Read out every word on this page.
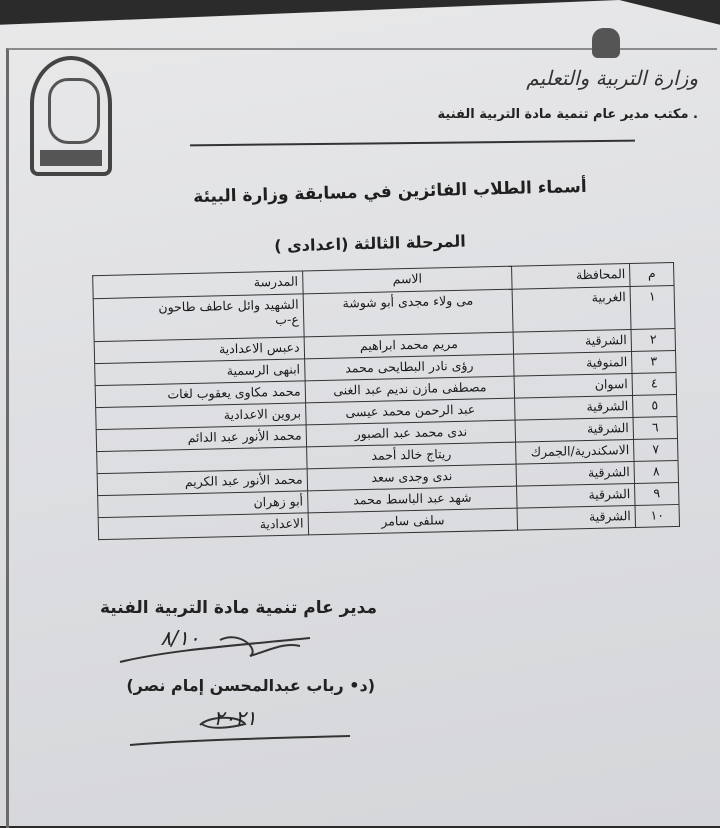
وزارة التربية والتعليم
مكتب مدير عام تنمية مادة التربية الفنية .
أسماء الطلاب الفائزين في مسابقة وزارة البيئة
المرحلة الثالثة (اعدادى )
م	المحافظة	الاسم	المدرسة
١	الغربية	مى ولاء مجدى أبو شوشة	الشهيد وائل عاطف طاحون
ع-ب

٢	الشرقية	مريم محمد ابراهيم	دعبس الاعدادية
٣	المنوفية	رؤى نادر البطايحى محمد	ابنهى الرسمية
٤	اسوان	مصطفى مازن نديم عبد الغنى	محمد مكاوى يعقوب لغات
٥	الشرقية	عبد الرحمن محمد عيسى	بروين الاعدادية
٦	الشرقية	ندى محمد عبد الصبور	محمد الأنور عبد الدائم
٧	الاسكندرية/الجمرك	ريتاج خالد أحمد	
٨	الشرقية	ندى وجدى سعد	محمد الأنور عبد الكريم
٩	الشرقية	شهد عبد الباسط محمد	أبو زهران
١٠	الشرقية	سلفى سامر	الاعدادية
مدير عام تنمية مادة التربية الفنية
٨/١٠
(د• رباب عبدالمحسن إمام نصر)
٢٠٢١
